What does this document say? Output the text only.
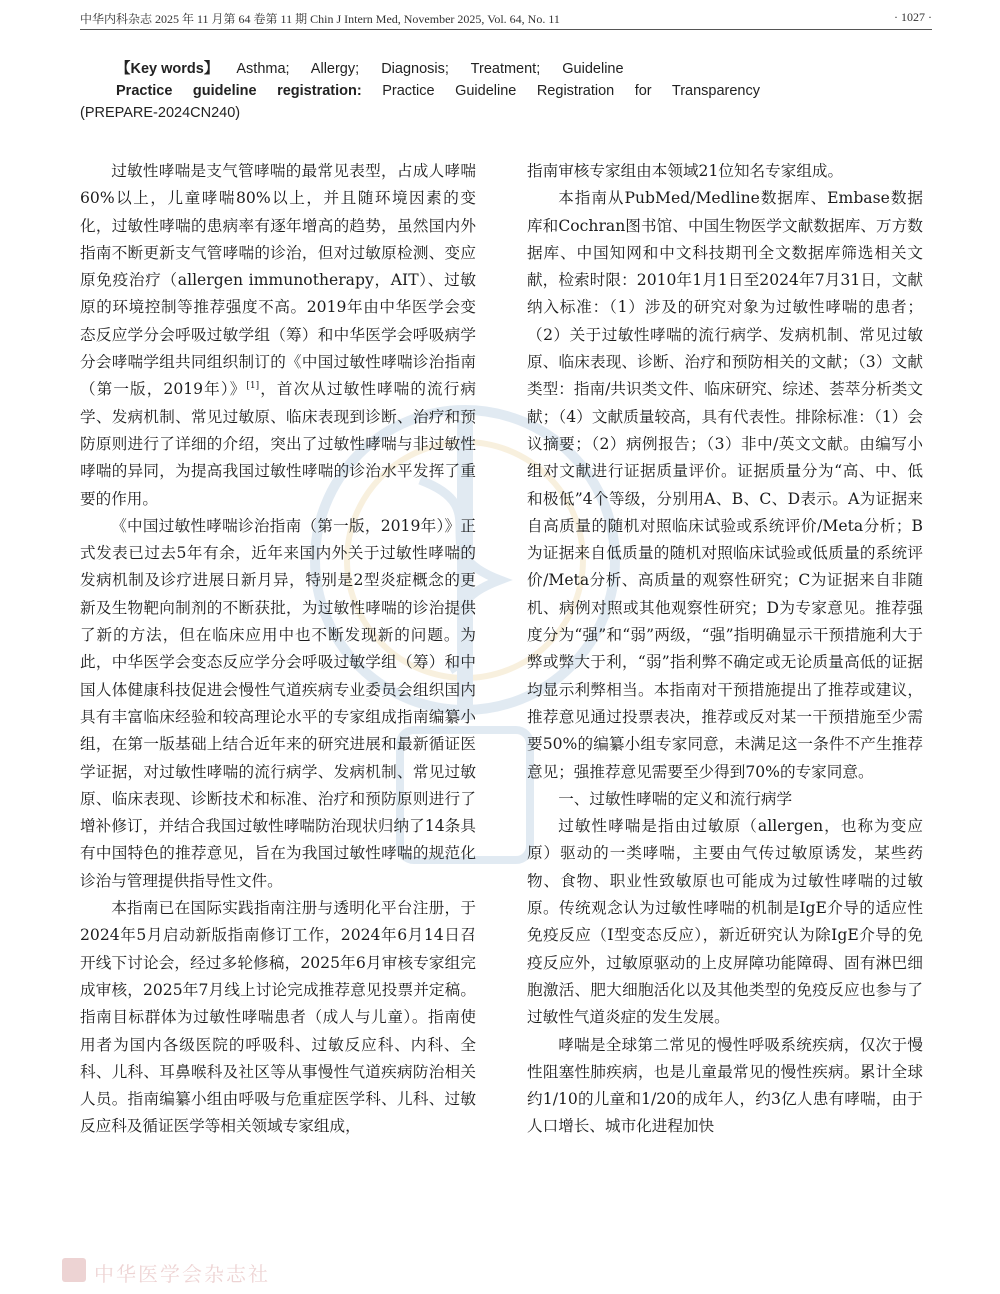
中华内科杂志 2025 年 11 月第 64 卷第 11 期 Chin J Intern Med, November 2025, Vol. 64, No. 11	· 1027 ·

【Key words】 Asthma; Allergy; Diagnosis; Treatment; Guideline

Practice guideline registration: Practice Guideline Registration for Transparency

(PREPARE-2024CN240)

过敏性哮喘是支气管哮喘的最常见表型，占成人哮喘60%以上，儿童哮喘80%以上，并且随环境因素的变化，过敏性哮喘的患病率有逐年增高的趋势，虽然国内外指南不断更新支气管哮喘的诊治，但对过敏原检测、变应原免疫治疗（allergen immunotherapy，AIT）、过敏原的环境控制等推荐强度不高。2019年由中华医学会变态反应学分会呼吸过敏学组（筹）和中华医学会呼吸病学分会哮喘学组共同组织制订的《中国过敏性哮喘诊治指南（第一版，2019年）》[1]，首次从过敏性哮喘的流行病学、发病机制、常见过敏原、临床表现到诊断、治疗和预防原则进行了详细的介绍，突出了过敏性哮喘与非过敏性哮喘的异同，为提高我国过敏性哮喘的诊治水平发挥了重要的作用。

《中国过敏性哮喘诊治指南（第一版，2019年）》正式发表已过去5年有余，近年来国内外关于过敏性哮喘的发病机制及诊疗进展日新月异，特别是2型炎症概念的更新及生物靶向制剂的不断获批，为过敏性哮喘的诊治提供了新的方法，但在临床应用中也不断发现新的问题。为此，中华医学会变态反应学分会呼吸过敏学组（筹）和中国人体健康科技促进会慢性气道疾病专业委员会组织国内具有丰富临床经验和较高理论水平的专家组成指南编纂小组，在第一版基础上结合近年来的研究进展和最新循证医学证据，对过敏性哮喘的流行病学、发病机制、常见过敏原、临床表现、诊断技术和标准、治疗和预防原则进行了增补修订，并结合我国过敏性哮喘防治现状归纳了14条具有中国特色的推荐意见，旨在为我国过敏性哮喘的规范化诊治与管理提供指导性文件。

本指南已在国际实践指南注册与透明化平台注册，于2024年5月启动新版指南修订工作，2024年6月14日召开线下讨论会，经过多轮修稿，2025年6月审核专家组完成审核，2025年7月线上讨论完成推荐意见投票并定稿。指南目标群体为过敏性哮喘患者（成人与儿童）。指南使用者为国内各级医院的呼吸科、过敏反应科、内科、全科、儿科、耳鼻喉科及社区等从事慢性气道疾病防治相关人员。指南编纂小组由呼吸与危重症医学科、儿科、过敏反应科及循证医学等相关领域专家组成，

指南审核专家组由本领域21位知名专家组成。

本指南从PubMed/Medline数据库、Embase数据库和Cochran图书馆、中国生物医学文献数据库、万方数据库、中国知网和中文科技期刊全文数据库筛选相关文献，检索时限：2010年1月1日至2024年7月31日，文献纳入标准：（1）涉及的研究对象为过敏性哮喘的患者；（2）关于过敏性哮喘的流行病学、发病机制、常见过敏原、临床表现、诊断、治疗和预防相关的文献；（3）文献类型：指南/共识类文件、临床研究、综述、荟萃分析类文献；（4）文献质量较高，具有代表性。排除标准：（1）会议摘要；（2）病例报告；（3）非中/英文文献。由编写小组对文献进行证据质量评价。证据质量分为“高、中、低和极低”4个等级，分别用A、B、C、D表示。A为证据来自高质量的随机对照临床试验或系统评价/Meta分析；B为证据来自低质量的随机对照临床试验或低质量的系统评价/Meta分析、高质量的观察性研究；C为证据来自非随机、病例对照或其他观察性研究；D为专家意见。推荐强度分为“强”和“弱”两级，“强”指明确显示干预措施利大于弊或弊大于利，“弱”指利弊不确定或无论质量高低的证据均显示利弊相当。本指南对干预措施提出了推荐或建议，推荐意见通过投票表决，推荐或反对某一干预措施至少需要50%的编纂小组专家同意，未满足这一条件不产生推荐意见；强推荐意见需要至少得到70%的专家同意。

一、过敏性哮喘的定义和流行病学

过敏性哮喘是指由过敏原（allergen，也称为变应原）驱动的一类哮喘，主要由气传过敏原诱发，某些药物、食物、职业性致敏原也可能成为过敏性哮喘的过敏原。传统观念认为过敏性哮喘的机制是IgE介导的适应性免疫反应（Ⅰ型变态反应），新近研究认为除IgE介导的免疫反应外，过敏原驱动的上皮屏障功能障碍、固有淋巴细胞激活、肥大细胞活化以及其他类型的免疫反应也参与了过敏性气道炎症的发生发展。

哮喘是全球第二常见的慢性呼吸系统疾病，仅次于慢性阻塞性肺疾病，也是儿童最常见的慢性疾病。累计全球约1/10的儿童和1/20的成年人，约3亿人患有哮喘，由于人口增长、城市化进程加快

中华医学会杂志社
